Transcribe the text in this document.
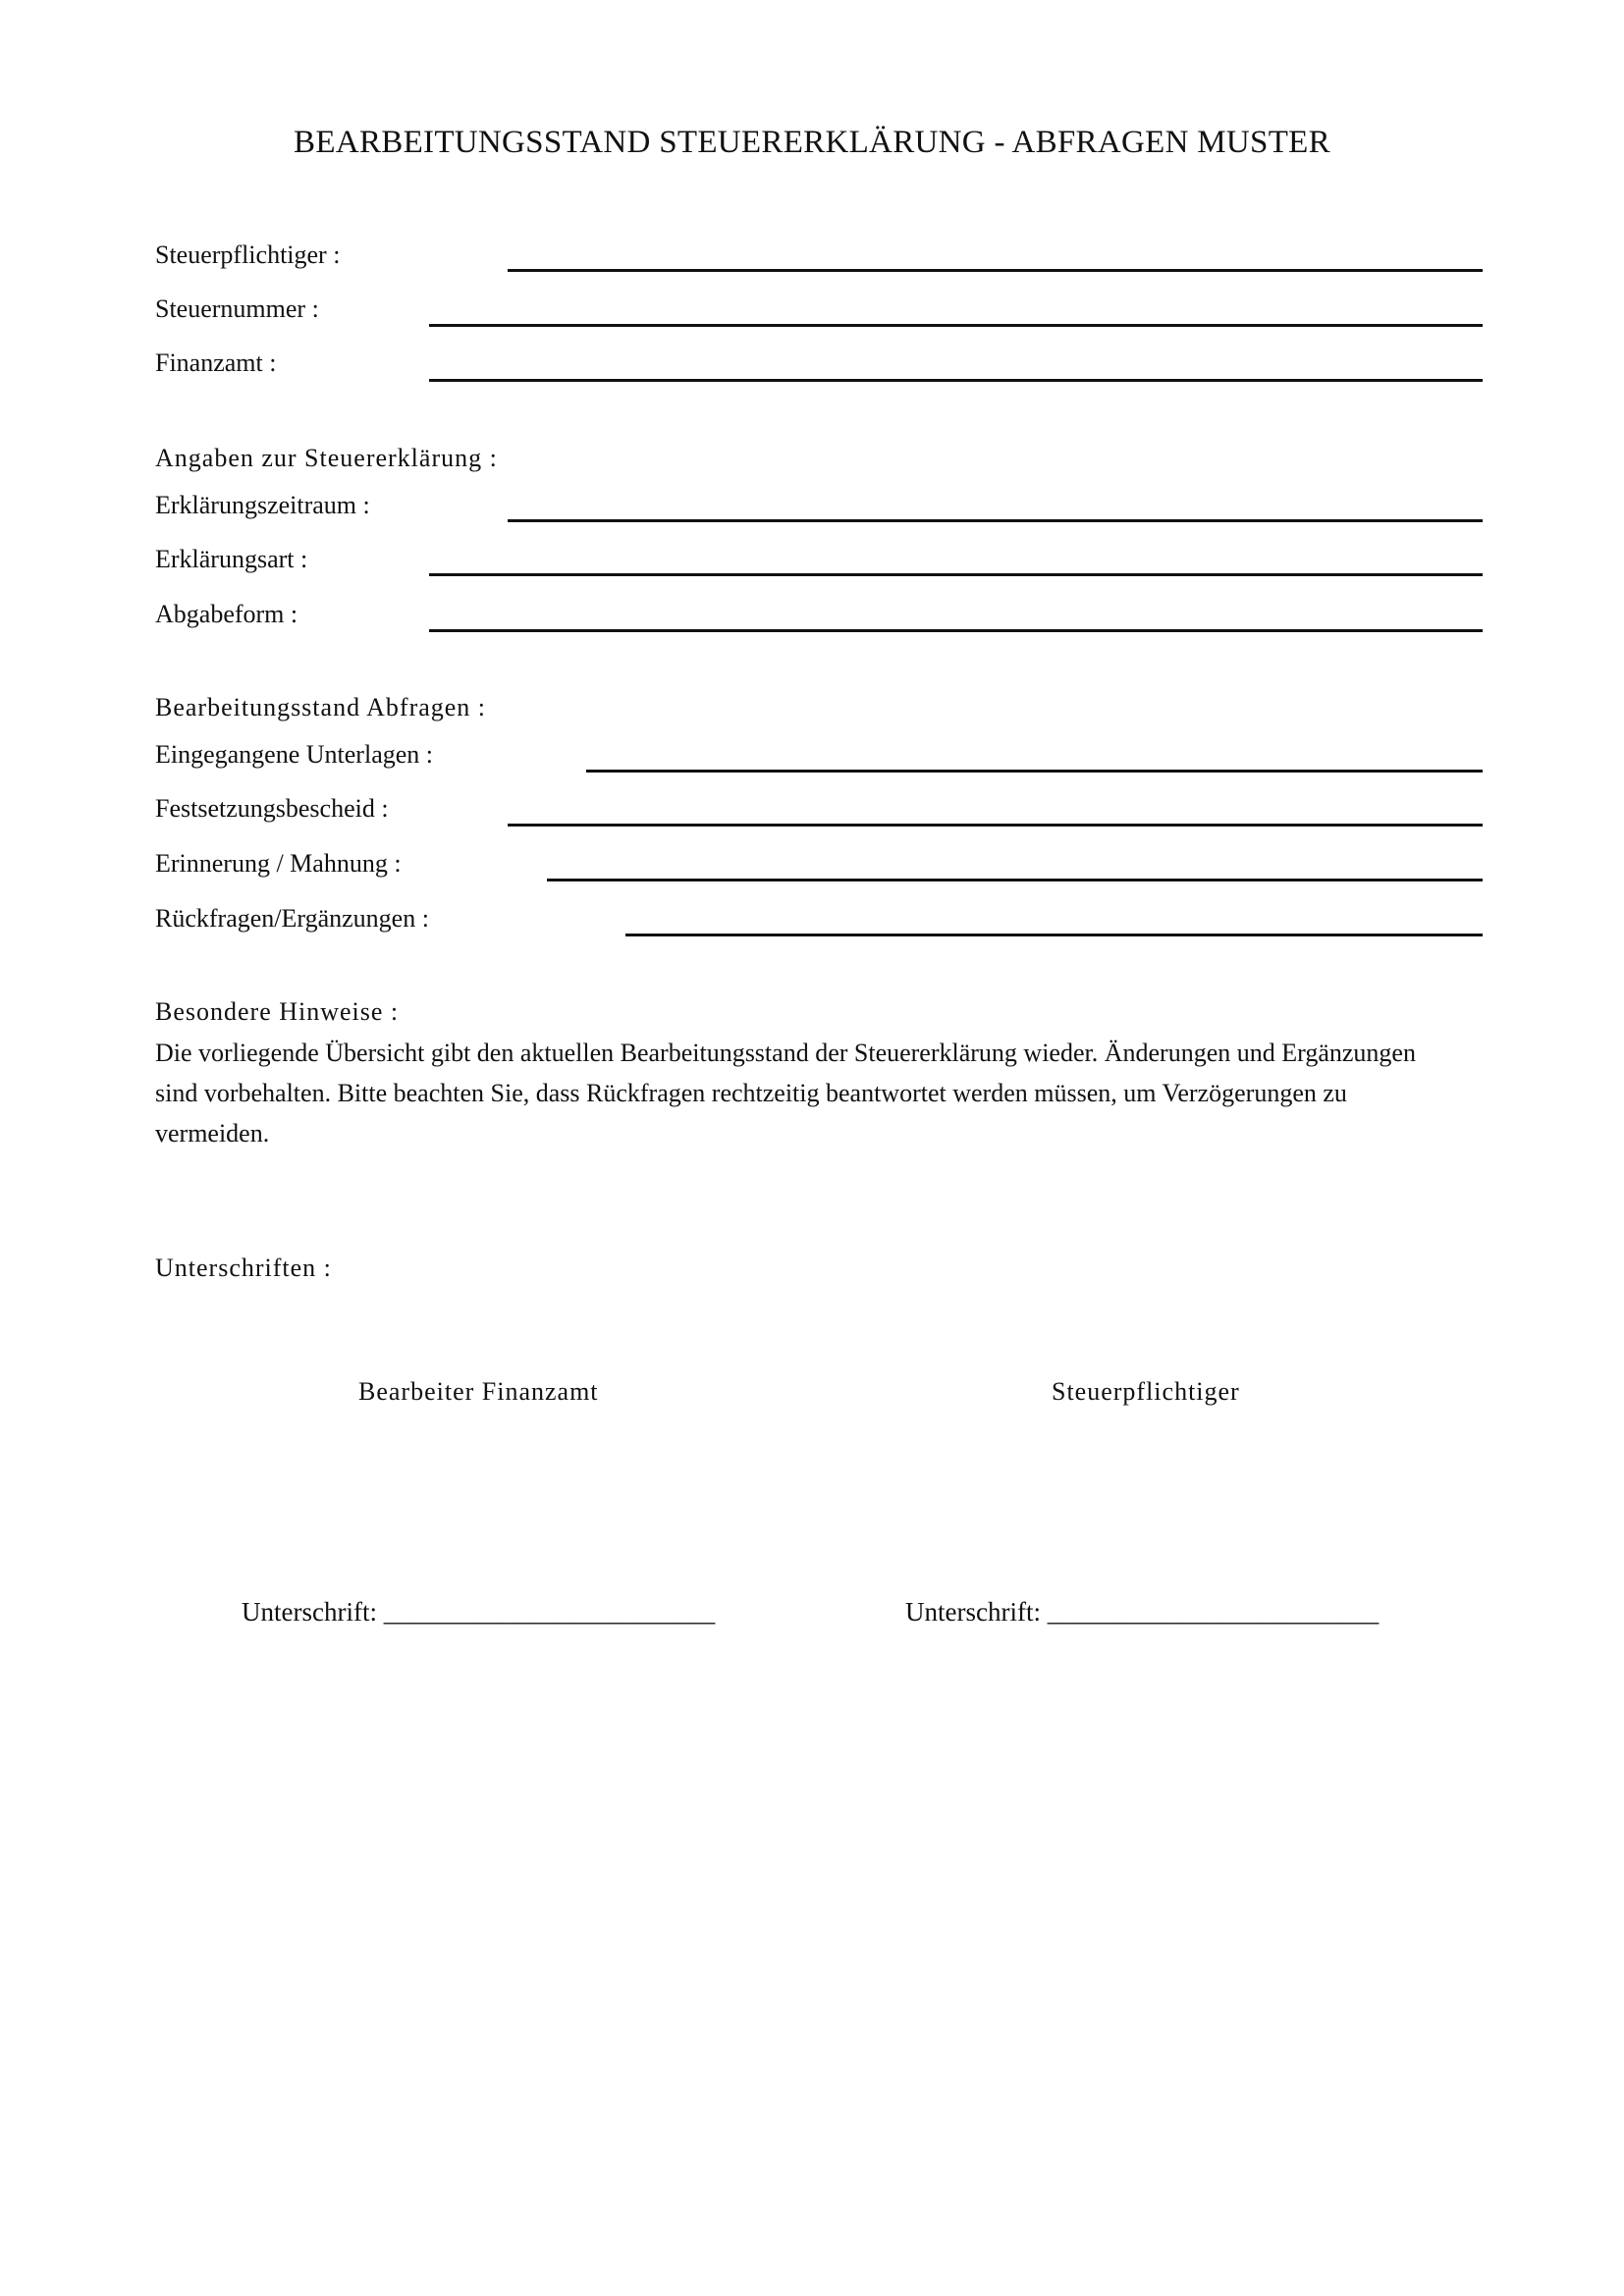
BEARBEITUNGSSTAND STEUERERKLÄRUNG - ABFRAGEN MUSTER
Steuerpflichtiger :
Steuernummer :
Finanzamt :
Angaben zur Steuererklärung :
Erklärungszeitraum :
Erklärungsart :
Abgabeform :
Bearbeitungsstand Abfragen :
Eingegangene Unterlagen :
Festsetzungsbescheid :
Erinnerung / Mahnung :
Rückfragen/Ergänzungen :
Besondere Hinweise :
Die vorliegende Übersicht gibt den aktuellen Bearbeitungsstand der Steuererklärung wieder. Änderungen und Ergänzungen sind vorbehalten. Bitte beachten Sie, dass Rückfragen rechtzeitig beantwortet werden müssen, um Verzögerungen zu vermeiden.
Unterschriften :
Bearbeiter Finanzamt	Steuerpflichtiger
Unterschrift: _________________________	Unterschrift: _________________________
